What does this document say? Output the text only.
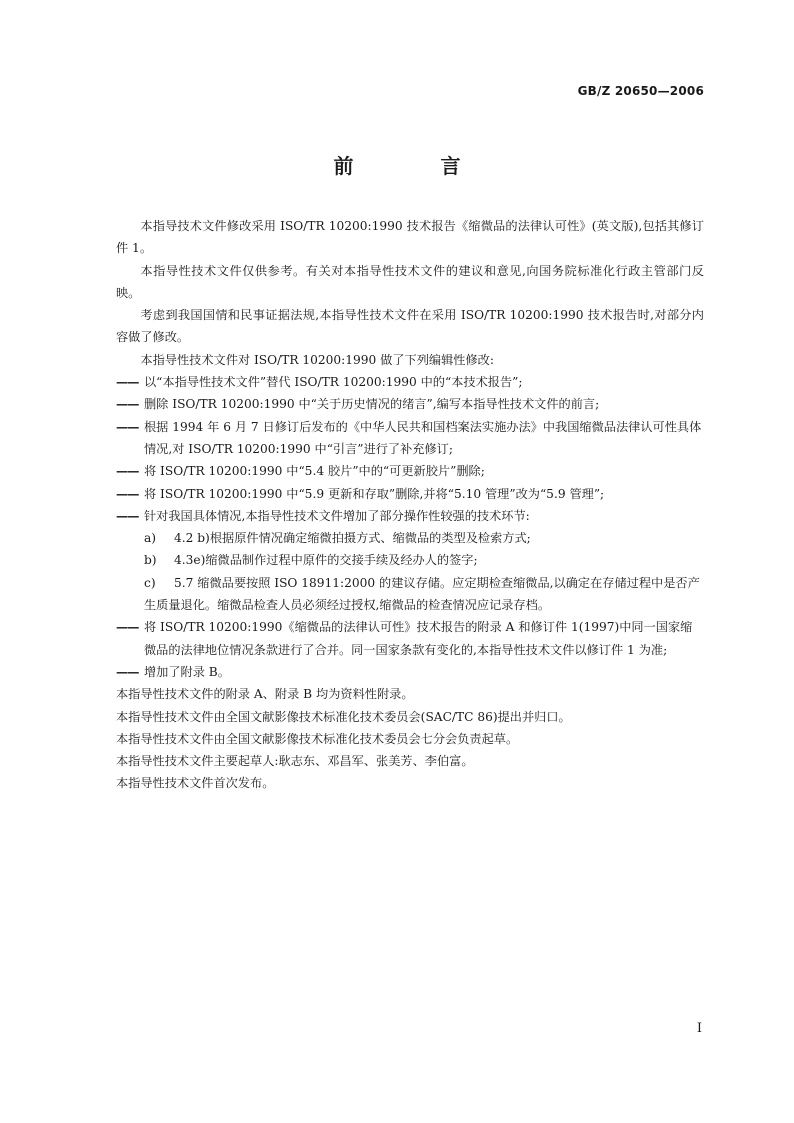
GB/Z 20650—2006
前 言

本指导技术文件修改采用 ISO/TR 10200:1990 技术报告《缩微品的法律认可性》(英文版),包括其修订件 1。

本指导性技术文件仅供参考。有关对本指导性技术文件的建议和意见,向国务院标准化行政主管部门反映。

考虑到我国国情和民事证据法规,本指导性技术文件在采用 ISO/TR 10200:1990 技术报告时,对部分内容做了修改。

本指导性技术文件对 ISO/TR 10200:1990 做了下列编辑性修改:

—— 以“本指导性技术文件”替代 ISO/TR 10200:1990 中的“本技术报告”;

—— 删除 ISO/TR 10200:1990 中“关于历史情况的绪言”,编写本指导性技术文件的前言;

—— 根据 1994 年 6 月 7 日修订后发布的《中华人民共和国档案法实施办法》中我国缩微品法律认可性具体情况,对 ISO/TR 10200:1990 中“引言”进行了补充修订;

—— 将 ISO/TR 10200:1990 中“5.4 胶片”中的“可更新胶片”删除;

—— 将 ISO/TR 10200:1990 中“5.9 更新和存取”删除,并将“5.10 管理”改为“5.9 管理”;

—— 针对我国具体情况,本指导性技术文件增加了部分操作性较强的技术环节:

a) 4.2 b)根据原件情况确定缩微拍摄方式、缩微品的类型及检索方式;

b) 4.3e)缩微品制作过程中原件的交接手续及经办人的签字;

c) 5.7 缩微品要按照 ISO 18911:2000 的建议存储。应定期检查缩微品,以确定在存储过程中是否产生质量退化。缩微品检查人员必须经过授权,缩微品的检查情况应记录存档。

—— 将 ISO/TR 10200:1990《缩微品的法律认可性》技术报告的附录 A 和修订件 1(1997)中同一国家缩微品的法律地位情况条款进行了合并。同一国家条款有变化的,本指导性技术文件以修订件 1 为准;

—— 增加了附录 B。

本指导性技术文件的附录 A、附录 B 均为资料性附录。

本指导性技术文件由全国文献影像技术标准化技术委员会(SAC/TC 86)提出并归口。

本指导性技术文件由全国文献影像技术标准化技术委员会七分会负责起草。

本指导性技术文件主要起草人:耿志东、邓昌军、张美芳、李伯富。

本指导性技术文件首次发布。

I
